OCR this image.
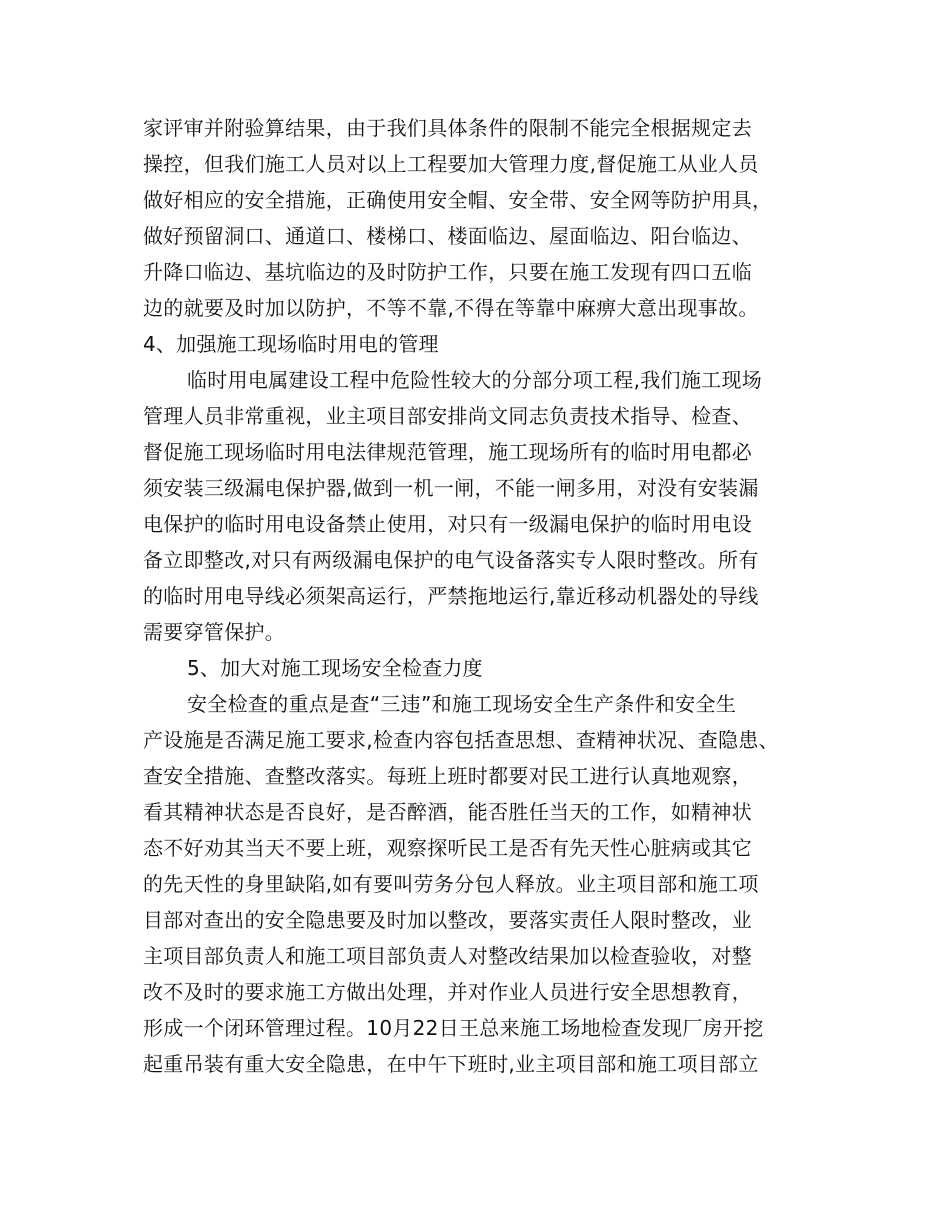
家评审并附验算结果，由于我们具体条件的限制不能完全根据规定去
操控，但我们施工人员对以上工程要加大管理力度,督促施工从业人员
做好相应的安全措施，正确使用安全帽、安全带、安全网等防护用具，
做好预留洞口、通道口、楼梯口、楼面临边、屋面临边、阳台临边、
升降口临边、基坑临边的及时防护工作，只要在施工发现有四口五临
边的就要及时加以防护，不等不靠,不得在等靠中麻痹大意出现事故。
4、加强施工现场临时用电的管理
临时用电属建设工程中危险性较大的分部分项工程,我们施工现场
管理人员非常重视，业主项目部安排尚文同志负责技术指导、检查、
督促施工现场临时用电法律规范管理，施工现场所有的临时用电都必
须安装三级漏电保护器,做到一机一闸，不能一闸多用，对没有安装漏
电保护的临时用电设备禁止使用，对只有一级漏电保护的临时用电设
备立即整改,对只有两级漏电保护的电气设备落实专人限时整改。所有
的临时用电导线必须架高运行，严禁拖地运行,靠近移动机器处的导线
需要穿管保护。
5、加大对施工现场安全检查力度
安全检查的重点是查“三违”和施工现场安全生产条件和安全生
产设施是否满足施工要求,检查内容包括查思想、查精神状况、查隐患、
查安全措施、查整改落实。每班上班时都要对民工进行认真地观察，
看其精神状态是否良好，是否醉酒，能否胜任当天的工作，如精神状
态不好劝其当天不要上班，观察探听民工是否有先天性心脏病或其它
的先天性的身里缺陷,如有要叫劳务分包人释放。业主项目部和施工项
目部对查出的安全隐患要及时加以整改，要落实责任人限时整改，业
主项目部负责人和施工项目部负责人对整改结果加以检查验收，对整
改不及时的要求施工方做出处理，并对作业人员进行安全思想教育，
形成一个闭环管理过程。10月22日王总来施工场地检查发现厂房开挖
起重吊装有重大安全隐患，在中午下班时,业主项目部和施工项目部立
